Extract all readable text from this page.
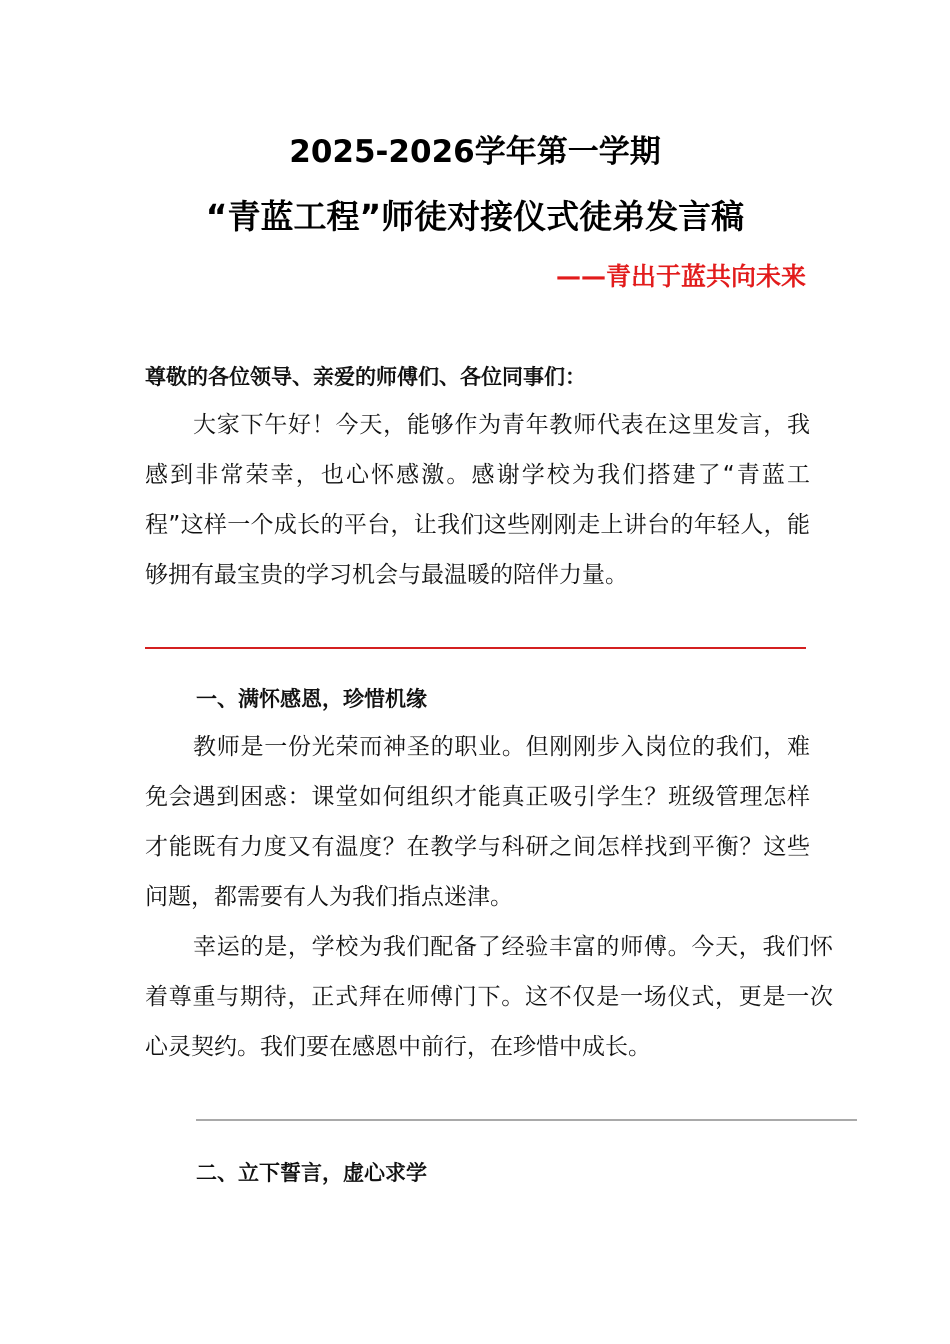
2025-2026学年第一学期
“青蓝工程”师徒对接仪式徒弟发言稿
——青出于蓝共向未来
尊敬的各位领导、亲爱的师傅们、各位同事们：

大家下午好！今天，能够作为青年教师代表在这里发言，我感到非常荣幸，也心怀感激。感谢学校为我们搭建了“青蓝工程”这样一个成长的平台，让我们这些刚刚走上讲台的年轻人，能够拥有最宝贵的学习机会与最温暖的陪伴力量。

一、满怀感恩，珍惜机缘

教师是一份光荣而神圣的职业。但刚刚步入岗位的我们，难免会遇到困惑：课堂如何组织才能真正吸引学生？班级管理怎样才能既有力度又有温度？在教学与科研之间怎样找到平衡？这些问题，都需要有人为我们指点迷津。

幸运的是，学校为我们配备了经验丰富的师傅。今天，我们怀着尊重与期待，正式拜在师傅门下。这不仅是一场仪式，更是一次心灵契约。我们要在感恩中前行，在珍惜中成长。

二、立下誓言，虚心求学
